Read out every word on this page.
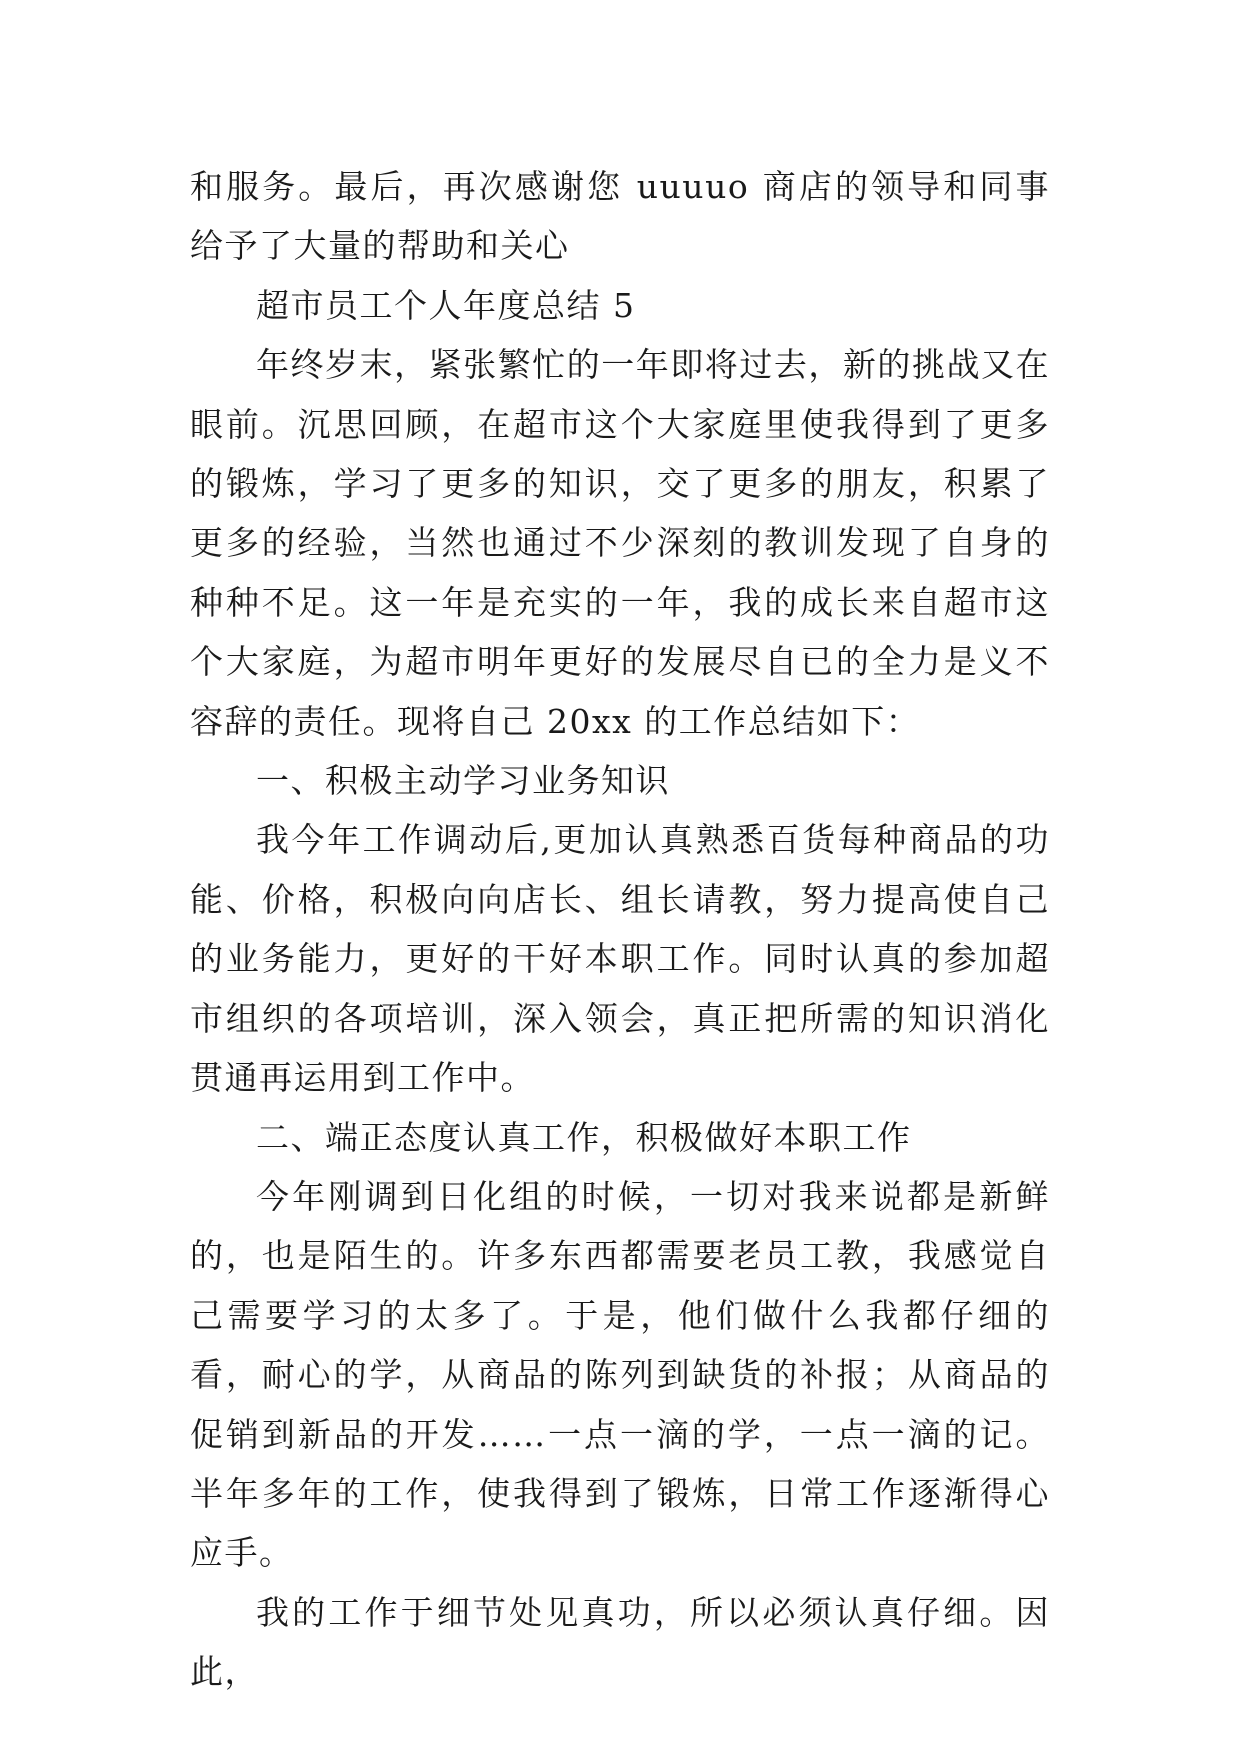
和服务。最后，再次感谢您 uuuuo 商店的领导和同事给予了大量的帮助和关心

超市员工个人年度总结 5

年终岁末，紧张繁忙的一年即将过去，新的挑战又在眼前。沉思回顾，在超市这个大家庭里使我得到了更多的锻炼，学习了更多的知识，交了更多的朋友，积累了更多的经验，当然也通过不少深刻的教训发现了自身的种种不足。这一年是充实的一年，我的成长来自超市这个大家庭，为超市明年更好的发展尽自已的全力是义不容辞的责任。现将自己 20xx 的工作总结如下：

一、积极主动学习业务知识

我今年工作调动后,更加认真熟悉百货每种商品的功能、价格，积极向向店长、组长请教，努力提高使自己的业务能力，更好的干好本职工作。同时认真的参加超市组织的各项培训，深入领会，真正把所需的知识消化贯通再运用到工作中。

二、端正态度认真工作，积极做好本职工作

今年刚调到日化组的时候，一切对我来说都是新鲜的，也是陌生的。许多东西都需要老员工教，我感觉自己需要学习的太多了。于是，他们做什么我都仔细的看，耐心的学，从商品的陈列到缺货的补报；从商品的促销到新品的开发……一点一滴的学，一点一滴的记。半年多年的工作，使我得到了锻炼，日常工作逐渐得心应手。

我的工作于细节处见真功，所以必须认真仔细。因此，
